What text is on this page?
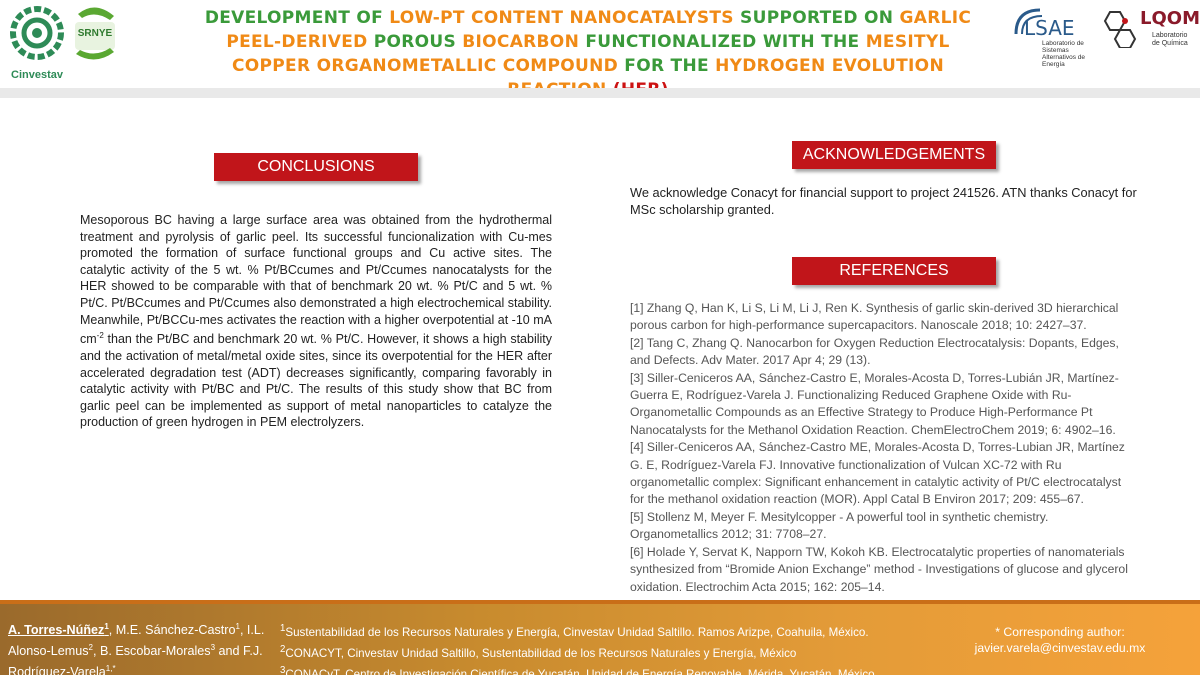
Cinvestav
SRNYE
DEVELOPMENT OF LOW-PT CONTENT NANOCATALYSTS SUPPORTED ON GARLIC PEEL-DERIVED POROUS BIOCARBON FUNCTIONALIZED WITH THE MESITYL COPPER ORGANOMETALLIC COMPOUND FOR THE HYDROGEN EVOLUTION
LSAE
Laboratorio de Sistemas Alternativos de Energía
LQOM
Laboratorio de Química
CONCLUSIONS
Mesoporous BC having a large surface area was obtained from the hydrothermal treatment and pyrolysis of garlic peel. Its successful funcionalization with Cu-mes promoted the formation of surface functional groups and Cu active sites. The catalytic activity of the 5 wt. % Pt/BCcumes and Pt/Ccumes nanocatalysts for the HER showed to be comparable with that of benchmark 20 wt. % Pt/C and 5 wt. % Pt/C. Pt/BCcumes and Pt/Ccumes also demonstrated a high electrochemical stability. Meanwhile, Pt/BCCu-mes activates the reaction with a higher overpotential at -10 mA $cm^{-2}$ than the Pt/BC and benchmark 20 wt. % Pt/C. However, it shows a high stability and the activation of metal/metal oxide sites, since its overpotential for the HER after accelerated degradation test (ADT) decreases significantly, comparing favorably in catalytic activity with Pt/BC and Pt/C. The results of this study show that BC from garlic peel can be implemented as support of metal nanoparticles to catalyze the production of green hydrogen in PEM electrolyzers.
ACKNOWLEDGEMENTS
We acknowledge Conacyt for financial support to project 241526. ATN thanks Conacyt for MSc scholarship granted.
REFERENCES

[1] Zhang Q, Han K, Li S, Li M, Li J, Ren K. Synthesis of garlic skin-derived 3D hierarchical porous carbon for high-performance supercapacitors. Nanoscale 2018; 10: 2427–37.

[2] Tang C, Zhang Q. Nanocarbon for Oxygen Reduction Electrocatalysis: Dopants, Edges, and Defects. Adv Mater. 2017 Apr 4; 29 (13).

[3] Siller-Ceniceros AA, Sánchez-Castro E, Morales-Acosta D, Torres-Lubián JR, Martínez- Guerra E, Rodríguez-Varela J. Functionalizing Reduced Graphene Oxide with Ru- Organometallic Compounds as an Effective Strategy to Produce High-Performance Pt Nanocatalysts for the Methanol Oxidation Reaction. ChemElectroChem 2019; 6: 4902–16.

[4] Siller-Ceniceros AA, Sánchez-Castro ME, Morales-Acosta D, Torres-Lubian JR, Martínez G. E, Rodríguez-Varela FJ. Innovative functionalization of Vulcan XC-72 with Ru organometallic complex: Significant enhancement in catalytic activity of Pt/C electrocatalyst for the methanol oxidation reaction (MOR). Appl Catal B Environ 2017; 209: 455–67.

[5] Stollenz M, Meyer F. Mesitylcopper - A powerful tool in synthetic chemistry. Organometallics 2012; 31: 7708–27.

[6] Holade Y, Servat K, Napporn TW, Kokoh KB. Electrocatalytic properties of nanomaterials synthesized from “Bromide Anion Exchange” method - Investigations of glucose and glycerol oxidation. Electrochim Acta 2015; 162: 205–14.

A. Torres-Núñez$^1$, M.E. Sánchez-Castro$^1$, I.L. Alonso-Lemus$^2$, B. Escobar-Morales$^3$ and F.J. Rodríguez-Varela$^{1,*}$
$^1$Sustentabilidad de los Recursos Naturales y Energía, Cinvestav Unidad Saltillo. Ramos Arizpe, Coahuila, México.
$^2$CONACYT, Cinvestav Unidad Saltillo, Sustentabilidad de los Recursos Naturales y Energía, México
$^3$CONACyT, Centro de Investigación Científica de Yucatán, Unidad de Energía Renovable, Mérida, Yucatán, México.
* Corresponding author:
javier.varela@cinvestav.edu.mx
